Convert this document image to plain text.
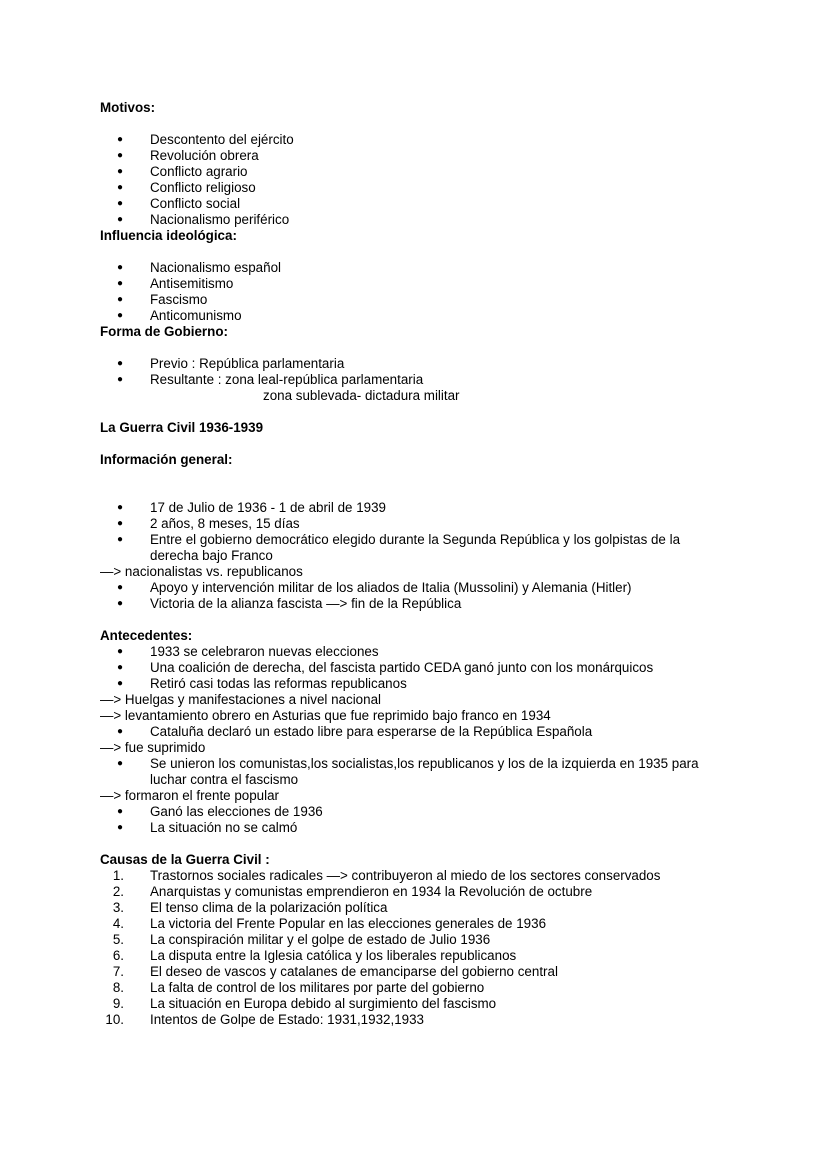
Motivos:
● Descontento del ejército
● Revolución obrera
● Conflicto agrario
● Conflicto religioso
● Conflicto social
● Nacionalismo periférico
Influencia ideológica:
● Nacionalismo español
● Antisemitismo
● Fascismo
● Anticomunismo
Forma de Gobierno:
● Previo : República parlamentaria
● Resultante : zona leal-república parlamentaria
zona sublevada- dictadura militar
La Guerra Civil 1936-1939
Información general:
● 17 de Julio de 1936 - 1 de abril de 1939
● 2 años, 8 meses, 15 días
● Entre el gobierno democrático elegido durante la Segunda República y los golpistas de la
derecha bajo Franco
—> nacionalistas vs. republicanos
● Apoyo y intervención militar de los aliados de Italia (Mussolini) y Alemania (Hitler)
● Victoria de la alianza fascista —> fin de la República
Antecedentes:
● 1933 se celebraron nuevas elecciones
● Una coalición de derecha, del fascista partido CEDA ganó junto con los monárquicos
● Retiró casi todas las reformas republicanos
—> Huelgas y manifestaciones a nivel nacional
—> levantamiento obrero en Asturias que fue reprimido bajo franco en 1934
● Cataluña declaró un estado libre para esperarse de la República Española
—> fue suprimido
● Se unieron los comunistas,los socialistas,los republicanos y los de la izquierda en 1935 para
luchar contra el fascismo
—> formaron el frente popular
● Ganó las elecciones de 1936
● La situación no se calmó
Causas de la Guerra Civil :
1. Trastornos sociales radicales —> contribuyeron al miedo de los sectores conservados
2. Anarquistas y comunistas emprendieron en 1934 la Revolución de octubre
3. El tenso clima de la polarización política
4. La victoria del Frente Popular en las elecciones generales de 1936
5. La conspiración militar y el golpe de estado de Julio 1936
6. La disputa entre la Iglesia católica y los liberales republicanos
7. El deseo de vascos y catalanes de emanciparse del gobierno central
8. La falta de control de los militares por parte del gobierno
9. La situación en Europa debido al surgimiento del fascismo
10. Intentos de Golpe de Estado: 1931,1932,1933
